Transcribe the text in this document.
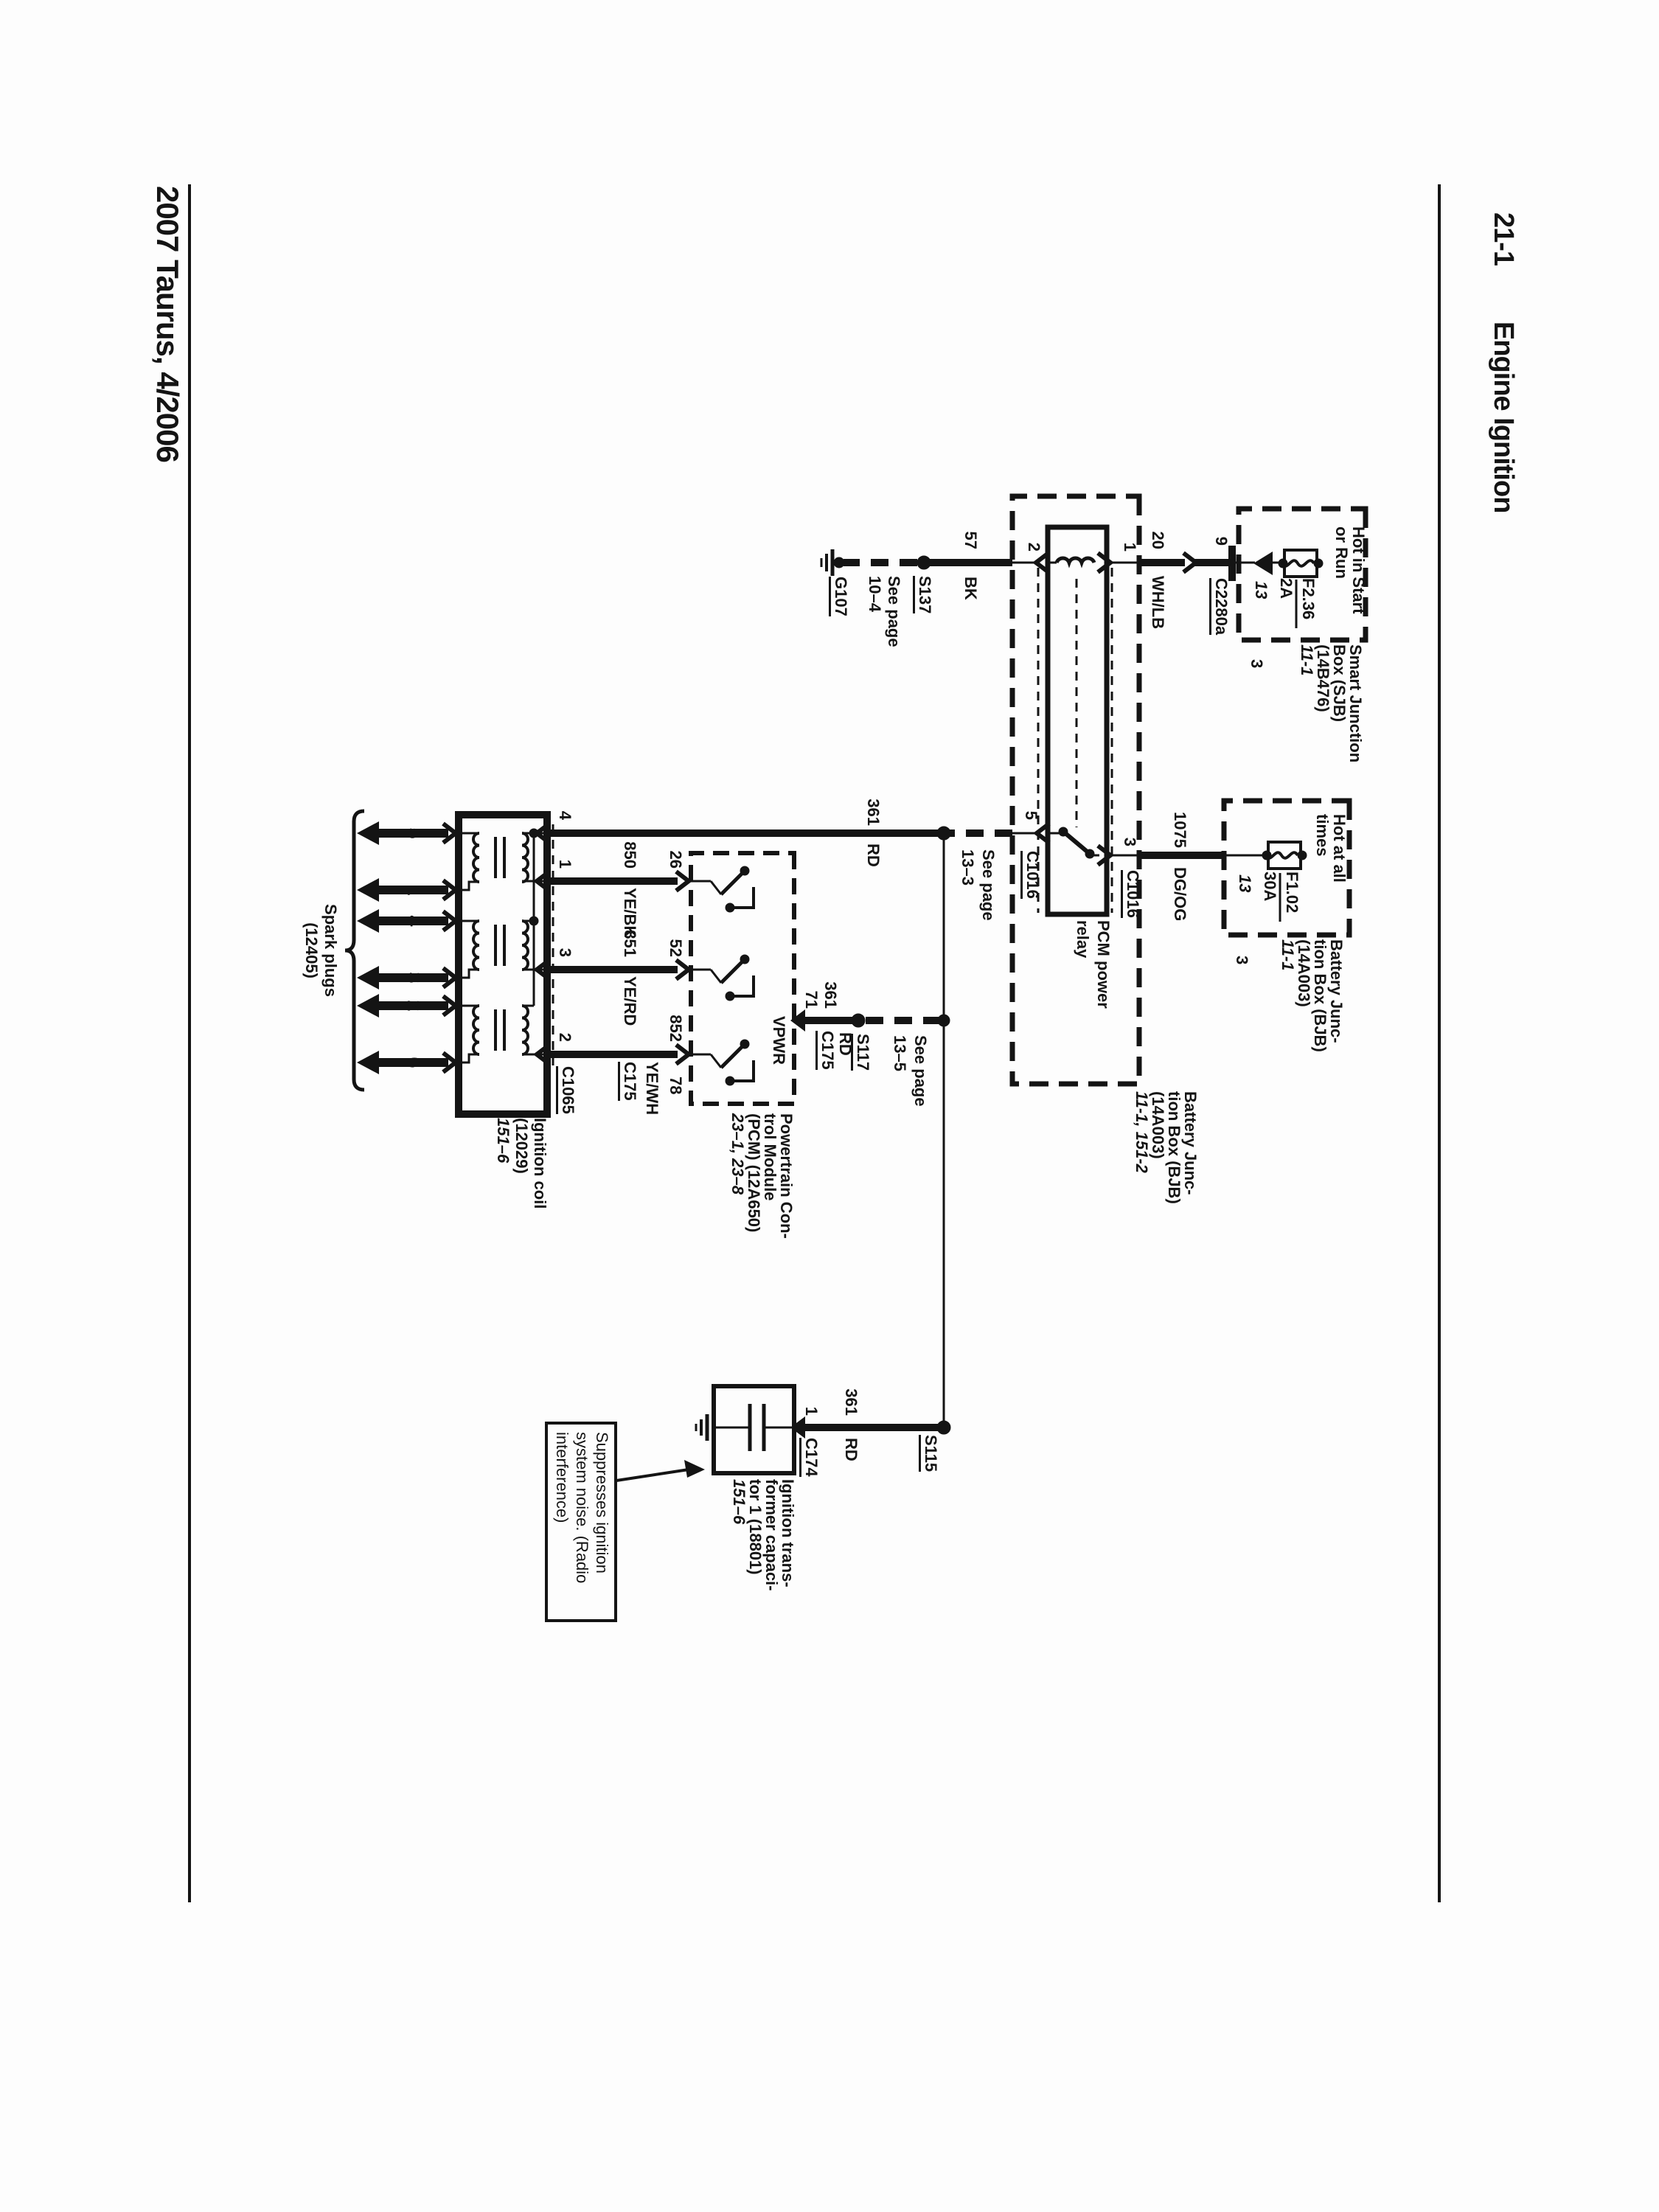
21-1
Engine Ignition
2007 Taurus, 4/2006
Hot in Start
or Run
F2.36
2A
13
Smart Junction
Box (SJB)
(14B476)
11-1
3
9
C2280a
20
WH/LB
Hot at all
times
F1.02
30A
13
Battery Junc-
tion Box (BJB)
(14A003)
11-1
3
1075
DG/OG
1
2
3
5
C1016
C1016
PCM power
relay
Battery Junc-
tion Box (BJB)
(14A003)
11-1, 151-2
57
BK
S137
See page
10–4
G107
See page
13–3
361
RD
S115
See page
13–5
S117
361
71
RD
C175
VPWR
Powertrain Con-
trol Module
(PCM) (12A650)
23–1, 23–8
26
52
852
78
850
YE/BK
851
YE/RD
YE/WH
C175
C1065
4
1
3
2
Ignition coil
(12029)
151–6
5
1
4
3
2
6
Spark plugs
(12405)
361
RD
1
C174
Ignition trans-
former capaci-
tor 1 (18801)
151–6
Suppresses ignition
system noise. (Radio
interference)
